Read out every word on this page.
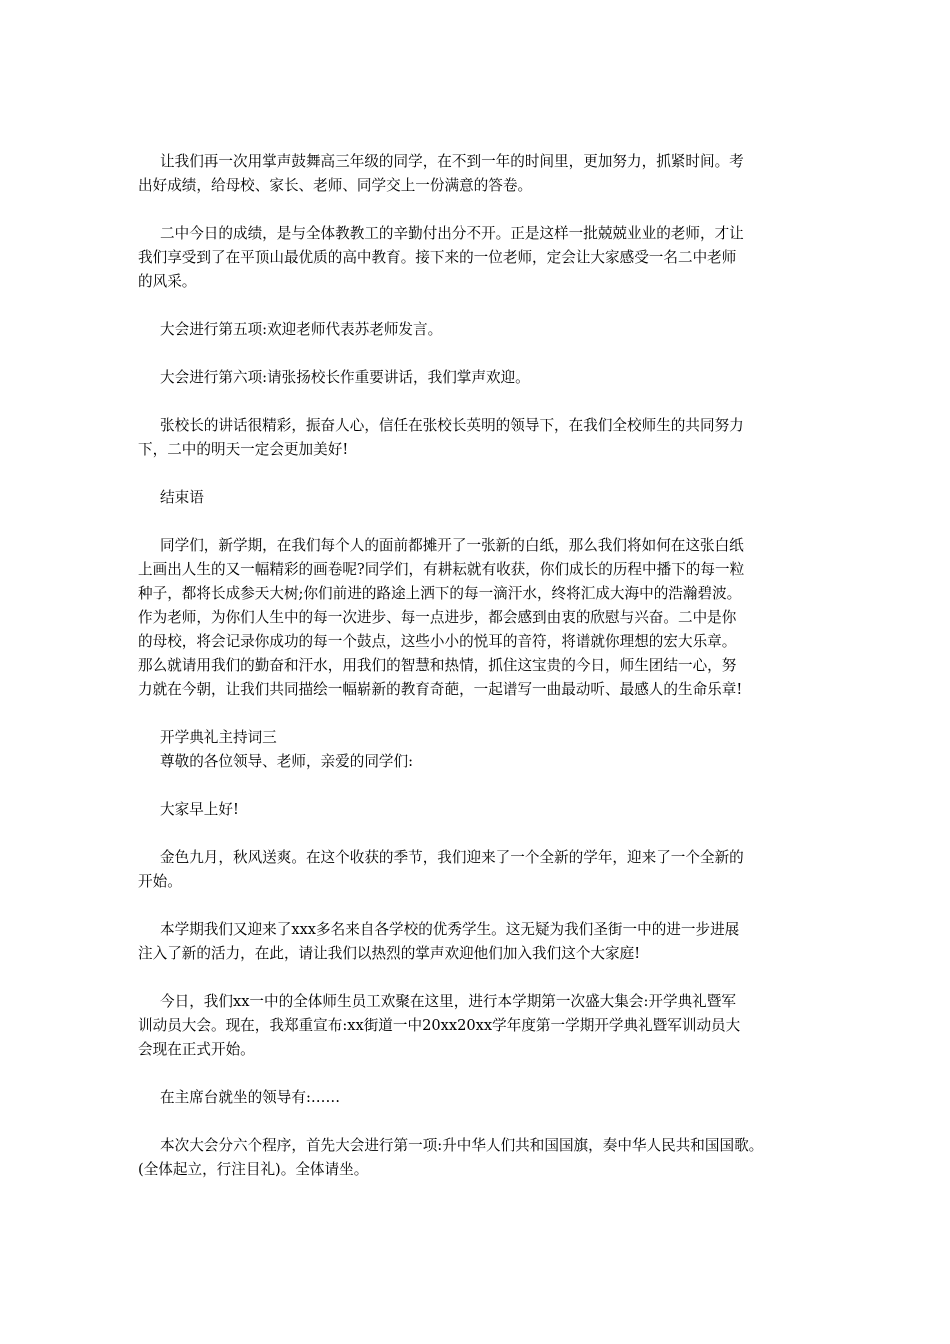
让我们再一次用掌声鼓舞高三年级的同学，在不到一年的时间里，更加努力，抓紧时间。考
出好成绩，给母校、家长、老师、同学交上一份满意的答卷。
二中今日的成绩，是与全体教教工的辛勤付出分不开。正是这样一批兢兢业业的老师，才让
我们享受到了在平顶山最优质的高中教育。接下来的一位老师，定会让大家感受一名二中老师
的风采。
大会进行第五项:欢迎老师代表苏老师发言。
大会进行第六项:请张扬校长作重要讲话，我们掌声欢迎。
张校长的讲话很精彩，振奋人心，信任在张校长英明的领导下，在我们全校师生的共同努力
下，二中的明天一定会更加美好!
结束语
同学们，新学期，在我们每个人的面前都摊开了一张新的白纸，那么我们将如何在这张白纸
上画出人生的又一幅精彩的画卷呢?同学们，有耕耘就有收获，你们成长的历程中播下的每一粒
种子，都将长成参天大树;你们前进的路途上洒下的每一滴汗水，终将汇成大海中的浩瀚碧波。
作为老师，为你们人生中的每一次进步、每一点进步，都会感到由衷的欣慰与兴奋。二中是你
的母校，将会记录你成功的每一个鼓点，这些小小的悦耳的音符，将谱就你理想的宏大乐章。
那么就请用我们的勤奋和汗水，用我们的智慧和热情，抓住这宝贵的今日，师生团结一心，努
力就在今朝，让我们共同描绘一幅崭新的教育奇葩，一起谱写一曲最动听、最感人的生命乐章!
开学典礼主持词三
尊敬的各位领导、老师，亲爱的同学们:
大家早上好!
金色九月，秋风送爽。在这个收获的季节，我们迎来了一个全新的学年，迎来了一个全新的
开始。
本学期我们又迎来了xxx多名来自各学校的优秀学生。这无疑为我们圣街一中的进一步进展
注入了新的活力，在此，请让我们以热烈的掌声欢迎他们加入我们这个大家庭!
今日，我们xx一中的全体师生员工欢聚在这里，进行本学期第一次盛大集会:开学典礼暨军
训动员大会。现在，我郑重宣布:xx街道一中20xx20xx学年度第一学期开学典礼暨军训动员大
会现在正式开始。
在主席台就坐的领导有:……
本次大会分六个程序，首先大会进行第一项:升中华人们共和国国旗，奏中华人民共和国国歌。
(全体起立，行注目礼)。全体请坐。
